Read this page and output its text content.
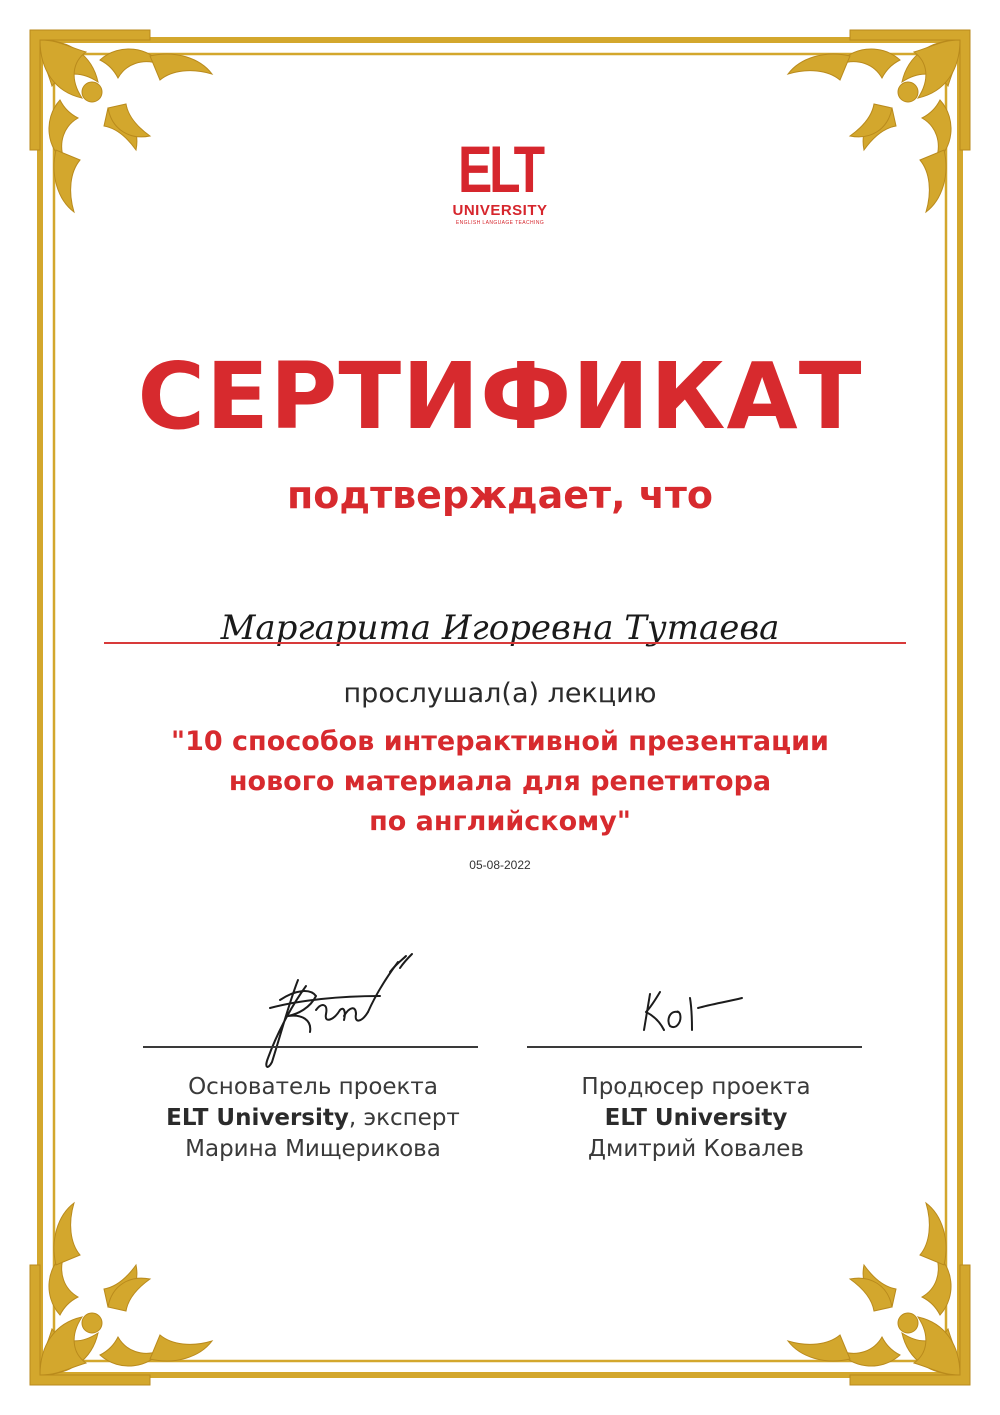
ELT
UNIVERSITY
ENGLISH LANGUAGE TEACHING
СЕРТИФИКАТ
подтверждает, что
Маргарита Игоревна Тутаева
прослушал(а) лекцию
"10 способов интерактивной презентации
нового материала для репетитора
по английскому"
05-08-2022
Основатель проекта
ELT University, эксперт
Марина Мищерикова
Продюсер проекта
ELT University
Дмитрий Ковалев
